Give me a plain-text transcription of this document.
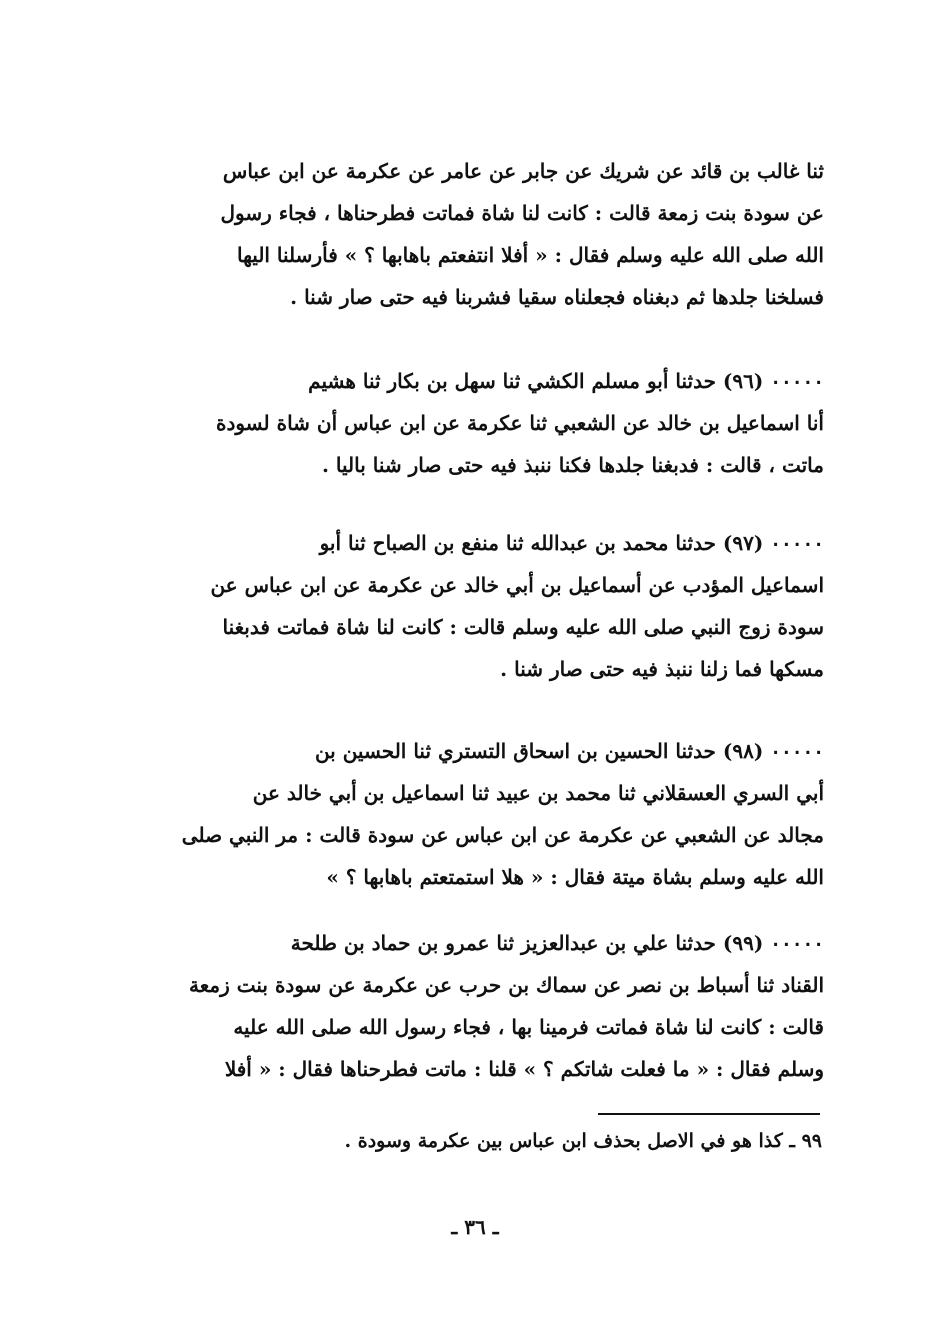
ثنا غالب بن قائد عن شريك عن جابر عن عامر عن عكرمة عن ابن عباس
عن سودة بنت زمعة قالت : كانت لنا شاة فماتت فطرحناها ، فجاء رسول
الله صلى الله عليه وسلم فقال : « أفلا انتفعتم باهابها ؟ » فأرسلنا اليها
فسلخنا جلدها ثم دبغناه فجعلناه سقيا فشربنا فيه حتى صار شنا .
٠٠٠٠٠ (٩٦) حدثنا أبو مسلم الكشي ثنا سهل بن بكار ثنا هشيم
أنا اسماعيل بن خالد عن الشعبي ثنا عكرمة عن ابن عباس أن شاة لسودة
ماتت ، قالت : فدبغنا جلدها فكنا ننبذ فيه حتى صار شنا باليا .
٠٠٠٠٠ (٩٧) حدثنا محمد بن عبدالله ثنا منفع بن الصباح ثنا أبو
اسماعيل المؤدب عن أسماعيل بن أبي خالد عن عكرمة عن ابن عباس عن
سودة زوج النبي صلى الله عليه وسلم قالت : كانت لنا شاة فماتت فدبغنا
مسكها فما زلنا ننبذ فيه حتى صار شنا .
٠٠٠٠٠ (٩٨) حدثنا الحسين بن اسحاق التستري ثنا الحسين بن
أبي السري العسقلاني ثنا محمد بن عبيد ثنا اسماعيل بن أبي خالد عن
مجالد عن الشعبي عن عكرمة عن ابن عباس عن سودة قالت : مر النبي صلى
الله عليه وسلم بشاة ميتة فقال : « هلا استمتعتم باهابها ؟ »
٠٠٠٠٠ (٩٩) حدثنا علي بن عبدالعزيز ثنا عمرو بن حماد بن طلحة
القناد ثنا أسباط بن نصر عن سماك بن حرب عن عكرمة عن سودة بنت زمعة
قالت : كانت لنا شاة فماتت فرمينا بها ، فجاء رسول الله صلى الله عليه
وسلم فقال : « ما فعلت شاتكم ؟ » قلنا : ماتت فطرحناها فقال : « أفلا
٩٩ ـ كذا هو في الاصل بحذف ابن عباس بين عكرمة وسودة .
ـ ٣٦ ـ
